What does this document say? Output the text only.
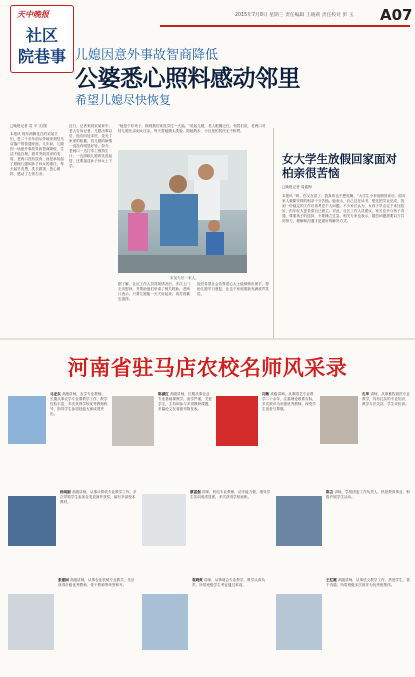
天中晚报
社区
院巷事
2015年7月8日 星期三 责任编辑 王晓莉 责任校对 彭 玉 A07
儿媳因意外事故智商降低
公婆悉心照料感动邻里
希望儿媳尽快恢复
□晚报记者 袁 平 文/图
本报讯 现年两鬓花白的宋某夫妇，是二十多年前从外地来到驻马店落户的普通家庭。几年前，儿媳因一场意外事故导致智商降低，生活不能自理。面对突如其来的变故，老两口没有放弃，而是承担起了照顾儿媳和孙子孙女的重任，每天起早贪黑，洗衣做饭，悉心照料，感动了左邻右舍。
近日，记者来到宋某家中。老人告诉记者，儿媳出事以后，他们四处求医，花光了家里的积蓄，但儿媳的病情一直没有明显好转。如今，老两口一边打零工维持生计，一边照顾儿媳的饮食起居，还要接送孙子孙女上下学。
“她是个好孩子，嫁到我们家没享过一天福。”说起儿媳，老人眼圈泛红。邻居们说，老两口对待儿媳比亲闺女还亲，每天帮她梳头洗脸，陪她散步，小区里的居民无不称赞。
宋某夫妇一家人。
据了解，社区工作人员得知情况后，多次上门走访慰问，并帮助他们申请了相关救助。老两口表示，只要儿媳能一天天好起来，再苦再累也值得。
他们希望社会各界爱心人士能够伸出援手，帮助儿媳早日康复，让这个家庭重新充满欢声笑语。
女大学生放假回家面对柏亲很苦恼
□晚报记者 周素梅
本报讯 “妈，你又在讲了，我真的也不想见啊。”大学生小李放假回家后，面对家人频繁安排的相亲十分苦恼。她表示，自己还在读书，想先把学业完成，找到一份稳定的工作后再考虑个人问题。不少家长认为，女孩子早点定下来比较好，但年轻人更希望自己做主。对此，社区工作人员建议，家长应多与孩子沟通，尊重孩子的选择，不要操之过急。相关专家也表示，婚恋问题需要双方共同努力，理解和沟通才是最好的解决方式。
河南省驻马店农校名师风采录
马亚东 高级讲师，农学专业教师。长期从事农学专业课教学工作，教学经验丰富，多次获得学校优秀教师称号，指导学生参加技能大赛成绩突出。
陈淑红 高级讲师，长期从事农业专业基础课教学，治学严谨，关爱学生，主持和参与多项教研课题，多篇论文在省级刊物发表。
闫敏 高级讲师，从事园艺专业教学二十余年，注重理论联系实际，多次被评为市级优秀教师，深受学生喜爱与尊敬。
孔华 讲师，从事畜牧兽医专业教学，具有扎实的专业知识，教学方法灵活，学生评价高。
杨纯刚 高级讲师，从事计算机专业教学工作，多次带领学生参加各类竞赛并获奖，编写多部校本教材。
蔡富强 讲师，机电专业教师，动手能力强，指导学生实训成绩显著，多次获得学校表彰。
陈言 讲师，学校团委工作负责人，热爱教育事业，积极开展学生活动。
张建国 高级讲师，从事农业机械专业教学，先后获得市级优秀教师、骨干教师等荣誉称号。
袁晓爽 讲师，从事财会专业教学，教学认真负责，所带班级学生考证通过率高。
王红霞 高级讲师，从事语文教学工作，热爱学生，善于沟通，所带班级多次被评为优秀班集体。
